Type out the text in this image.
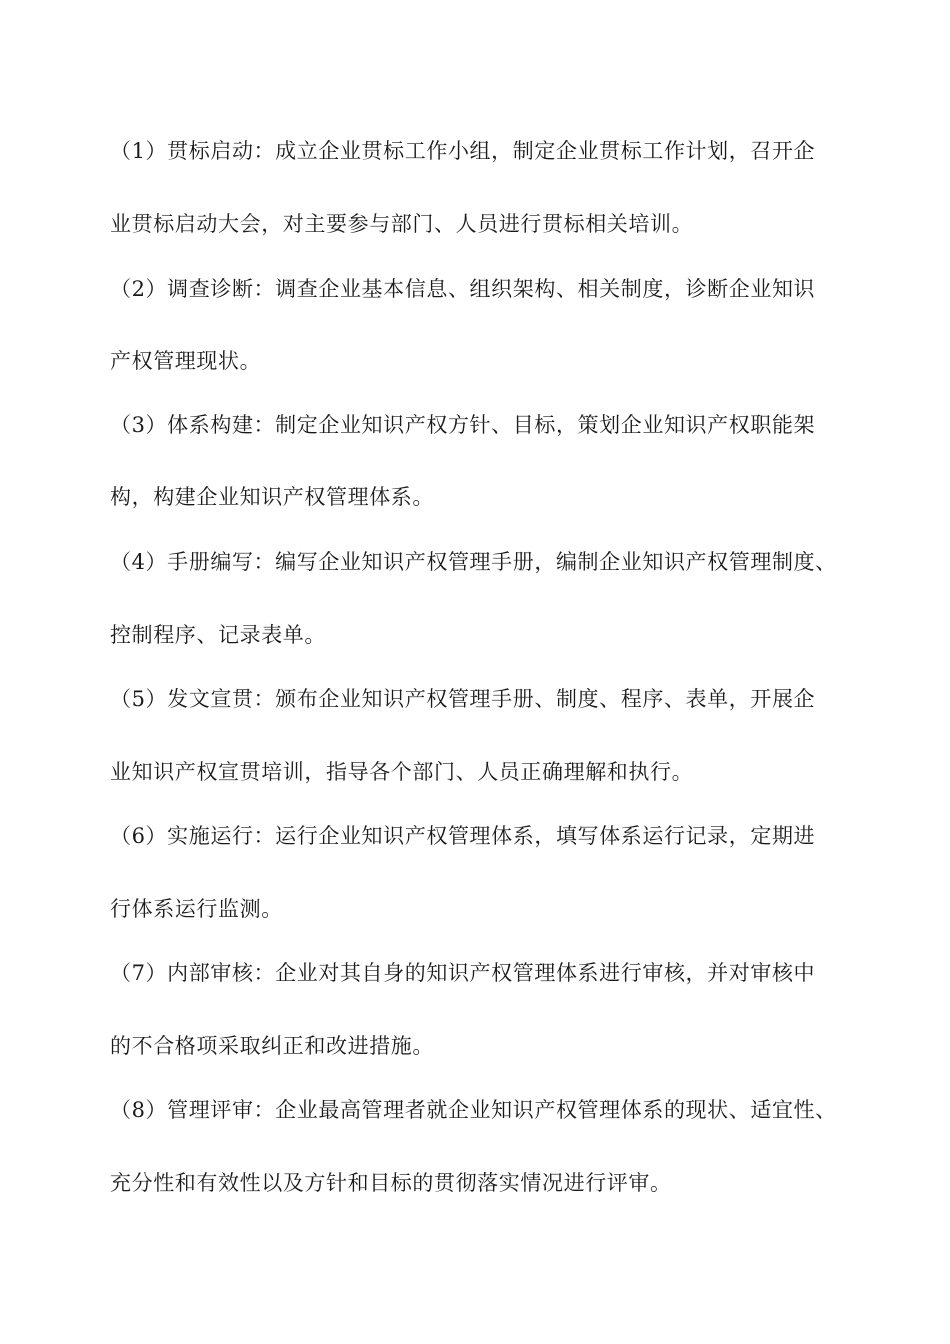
（1）贯标启动：成立企业贯标工作小组，制定企业贯标工作计划，召开企
业贯标启动大会，对主要参与部门、人员进行贯标相关培训。
（2）调查诊断：调查企业基本信息、组织架构、相关制度，诊断企业知识
产权管理现状。
（3）体系构建：制定企业知识产权方针、目标，策划企业知识产权职能架
构，构建企业知识产权管理体系。
（4）手册编写：编写企业知识产权管理手册，编制企业知识产权管理制度、
控制程序、记录表单。
（5）发文宣贯：颁布企业知识产权管理手册、制度、程序、表单，开展企
业知识产权宣贯培训，指导各个部门、人员正确理解和执行。
（6）实施运行：运行企业知识产权管理体系，填写体系运行记录，定期进
行体系运行监测。
（7）内部审核：企业对其自身的知识产权管理体系进行审核，并对审核中
的不合格项采取纠正和改进措施。
（8）管理评审：企业最高管理者就企业知识产权管理体系的现状、适宜性、
充分性和有效性以及方针和目标的贯彻落实情况进行评审。
